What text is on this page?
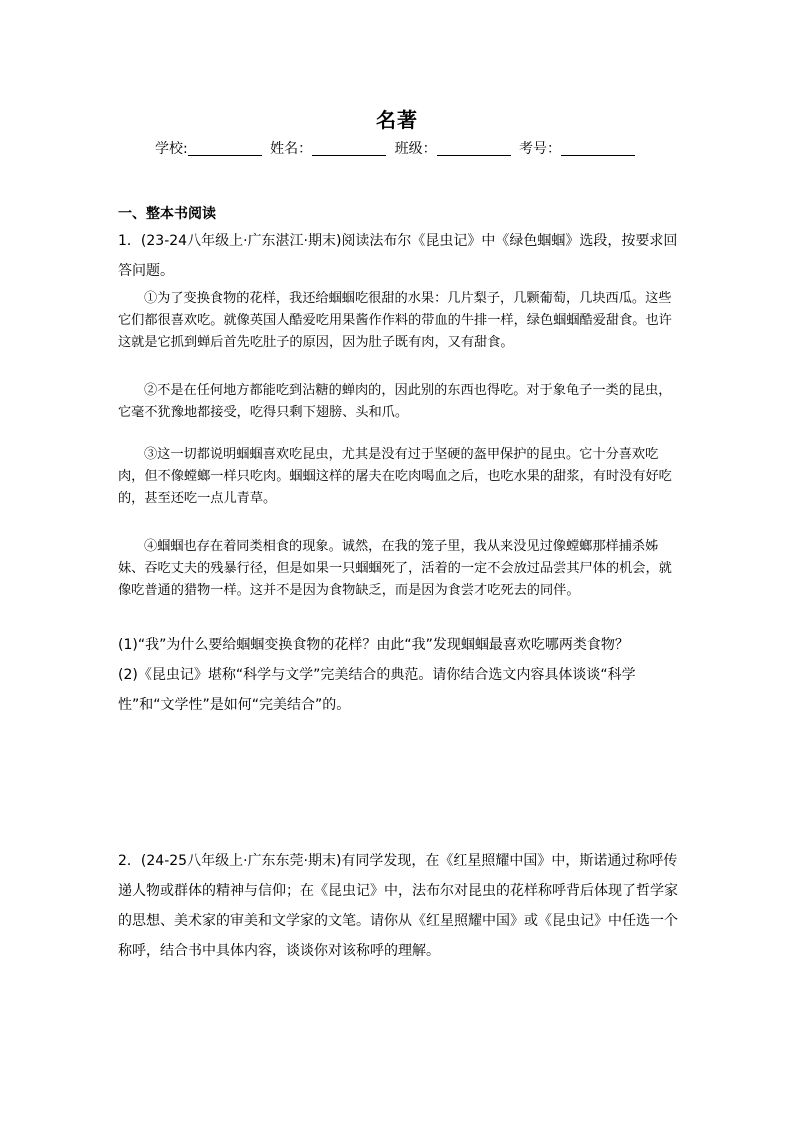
名著
学校:	姓名：	班级：	考号：
一、整本书阅读
1．(23-24八年级上·广东湛江·期末)阅读法布尔《昆虫记》中《绿色蝈蝈》选段，按要求回答问题。

①为了变换食物的花样，我还给蝈蝈吃很甜的水果：几片梨子，几颗葡萄，几块西瓜。这些它们都很喜欢吃。就像英国人酷爱吃用果酱作作料的带血的牛排一样，绿色蝈蝈酷爱甜食。也许这就是它抓到蝉后首先吃肚子的原因，因为肚子既有肉，又有甜食。

②不是在任何地方都能吃到沾糖的蝉肉的，因此别的东西也得吃。对于象龟子一类的昆虫，它毫不犹豫地都接受，吃得只剩下翅膀、头和爪。

③这一切都说明蝈蝈喜欢吃昆虫，尤其是没有过于坚硬的盔甲保护的昆虫。它十分喜欢吃肉，但不像螳螂一样只吃肉。蝈蝈这样的屠夫在吃肉喝血之后，也吃水果的甜浆，有时没有好吃的，甚至还吃一点儿青草。

④蝈蝈也存在着同类相食的现象。诚然，在我的笼子里，我从来没见过像螳螂那样捕杀姊妹、吞吃丈夫的残暴行径，但是如果一只蝈蝈死了，活着的一定不会放过品尝其尸体的机会，就像吃普通的猎物一样。这并不是因为食物缺乏，而是因为食尝才吃死去的同伴。

(1)“我”为什么要给蝈蝈变换食物的花样？由此“我”发现蝈蝈最喜欢吃哪两类食物？
(2)《昆虫记》堪称“科学与文学”完美结合的典范。请你结合选文内容具体谈谈“科学性”和“文学性”是如何“完美结合”的。
2．(24-25八年级上·广东东莞·期末)有同学发现，在《红星照耀中国》中，斯诺通过称呼传递人物或群体的精神与信仰；在《昆虫记》中，法布尔对昆虫的花样称呼背后体现了哲学家的思想、美术家的审美和文学家的文笔。请你从《红星照耀中国》或《昆虫记》中任选一个称呼，结合书中具体内容，谈谈你对该称呼的理解。
